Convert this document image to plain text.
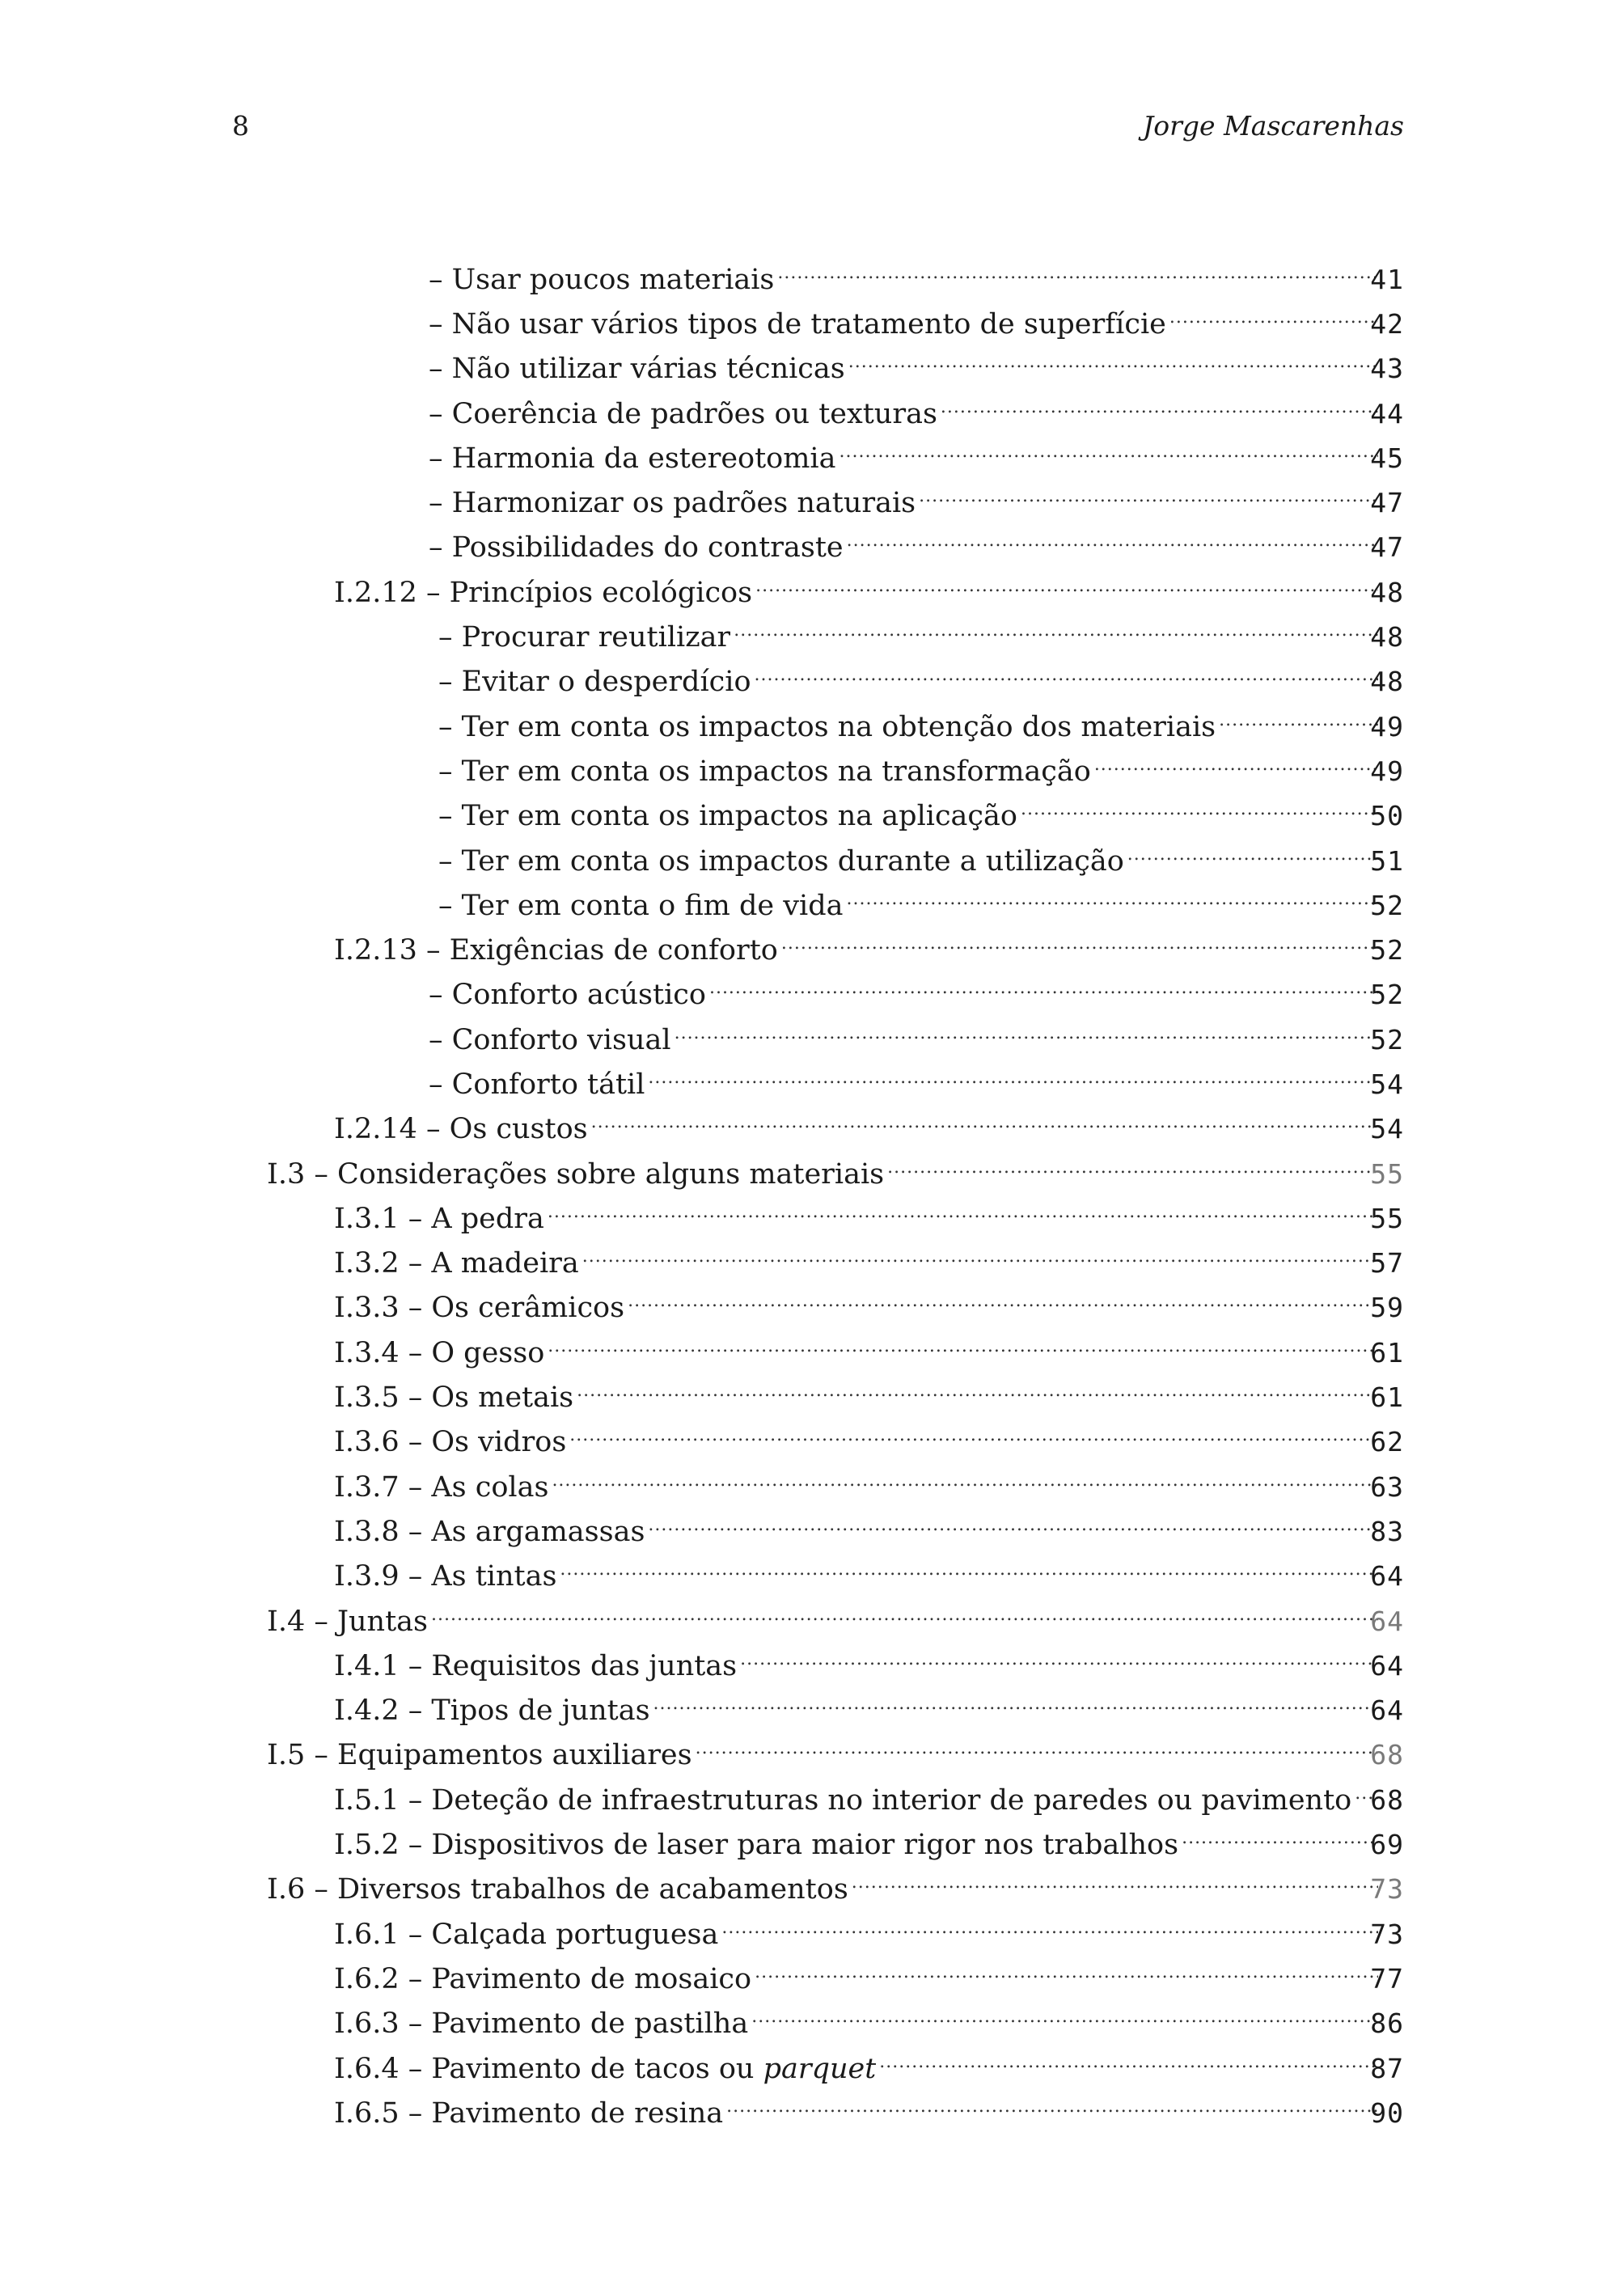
8	Jorge Mascarenhas
– Usar poucos materiais .....	41
– Não usar vários tipos de tratamento de superfície .....	42
– Não utilizar várias técnicas .....	43
– Coerência de padrões ou texturas .....	44
– Harmonia da estereotomia .....	45
– Harmonizar os padrões naturais .....	47
– Possibilidades do contraste .....	47
I.2.12 – Princípios ecológicos .....	48
– Procurar reutilizar .....	48
– Evitar o desperdício .....	48
– Ter em conta os impactos na obtenção dos materiais .....	49
– Ter em conta os impactos na transformação .....	49
– Ter em conta os impactos na aplicação .....	50
– Ter em conta os impactos durante a utilização .....	51
– Ter em conta o fim de vida .....	52
I.2.13 – Exigências de conforto .....	52
– Conforto acústico .....	52
– Conforto visual .....	52
– Conforto tátil .....	54
I.2.14 – Os custos .....	54
I.3 – Considerações sobre alguns materiais .....	55
I.3.1 – A pedra .....	55
I.3.2 – A madeira .....	57
I.3.3 – Os cerâmicos .....	59
I.3.4 – O gesso .....	61
I.3.5 – Os metais .....	61
I.3.6 – Os vidros .....	62
I.3.7 – As colas .....	63
I.3.8 – As argamassas .....	83
I.3.9 – As tintas .....	64
I.4 – Juntas .....	64
I.4.1 – Requisitos das juntas .....	64
I.4.2 – Tipos de juntas .....	64
I.5 – Equipamentos auxiliares .....	68
I.5.1 – Deteção de infraestruturas no interior de paredes ou pavimento ..... 68
I.5.2 – Dispositivos de laser para maior rigor nos trabalhos .....	69
I.6 – Diversos trabalhos de acabamentos .....	73
I.6.1 – Calçada portuguesa .....	73
I.6.2 – Pavimento de mosaico .....	77
I.6.3 – Pavimento de pastilha .....	86
I.6.4 – Pavimento de tacos ou parquet .....	87
I.6.5 – Pavimento de resina .....	90
